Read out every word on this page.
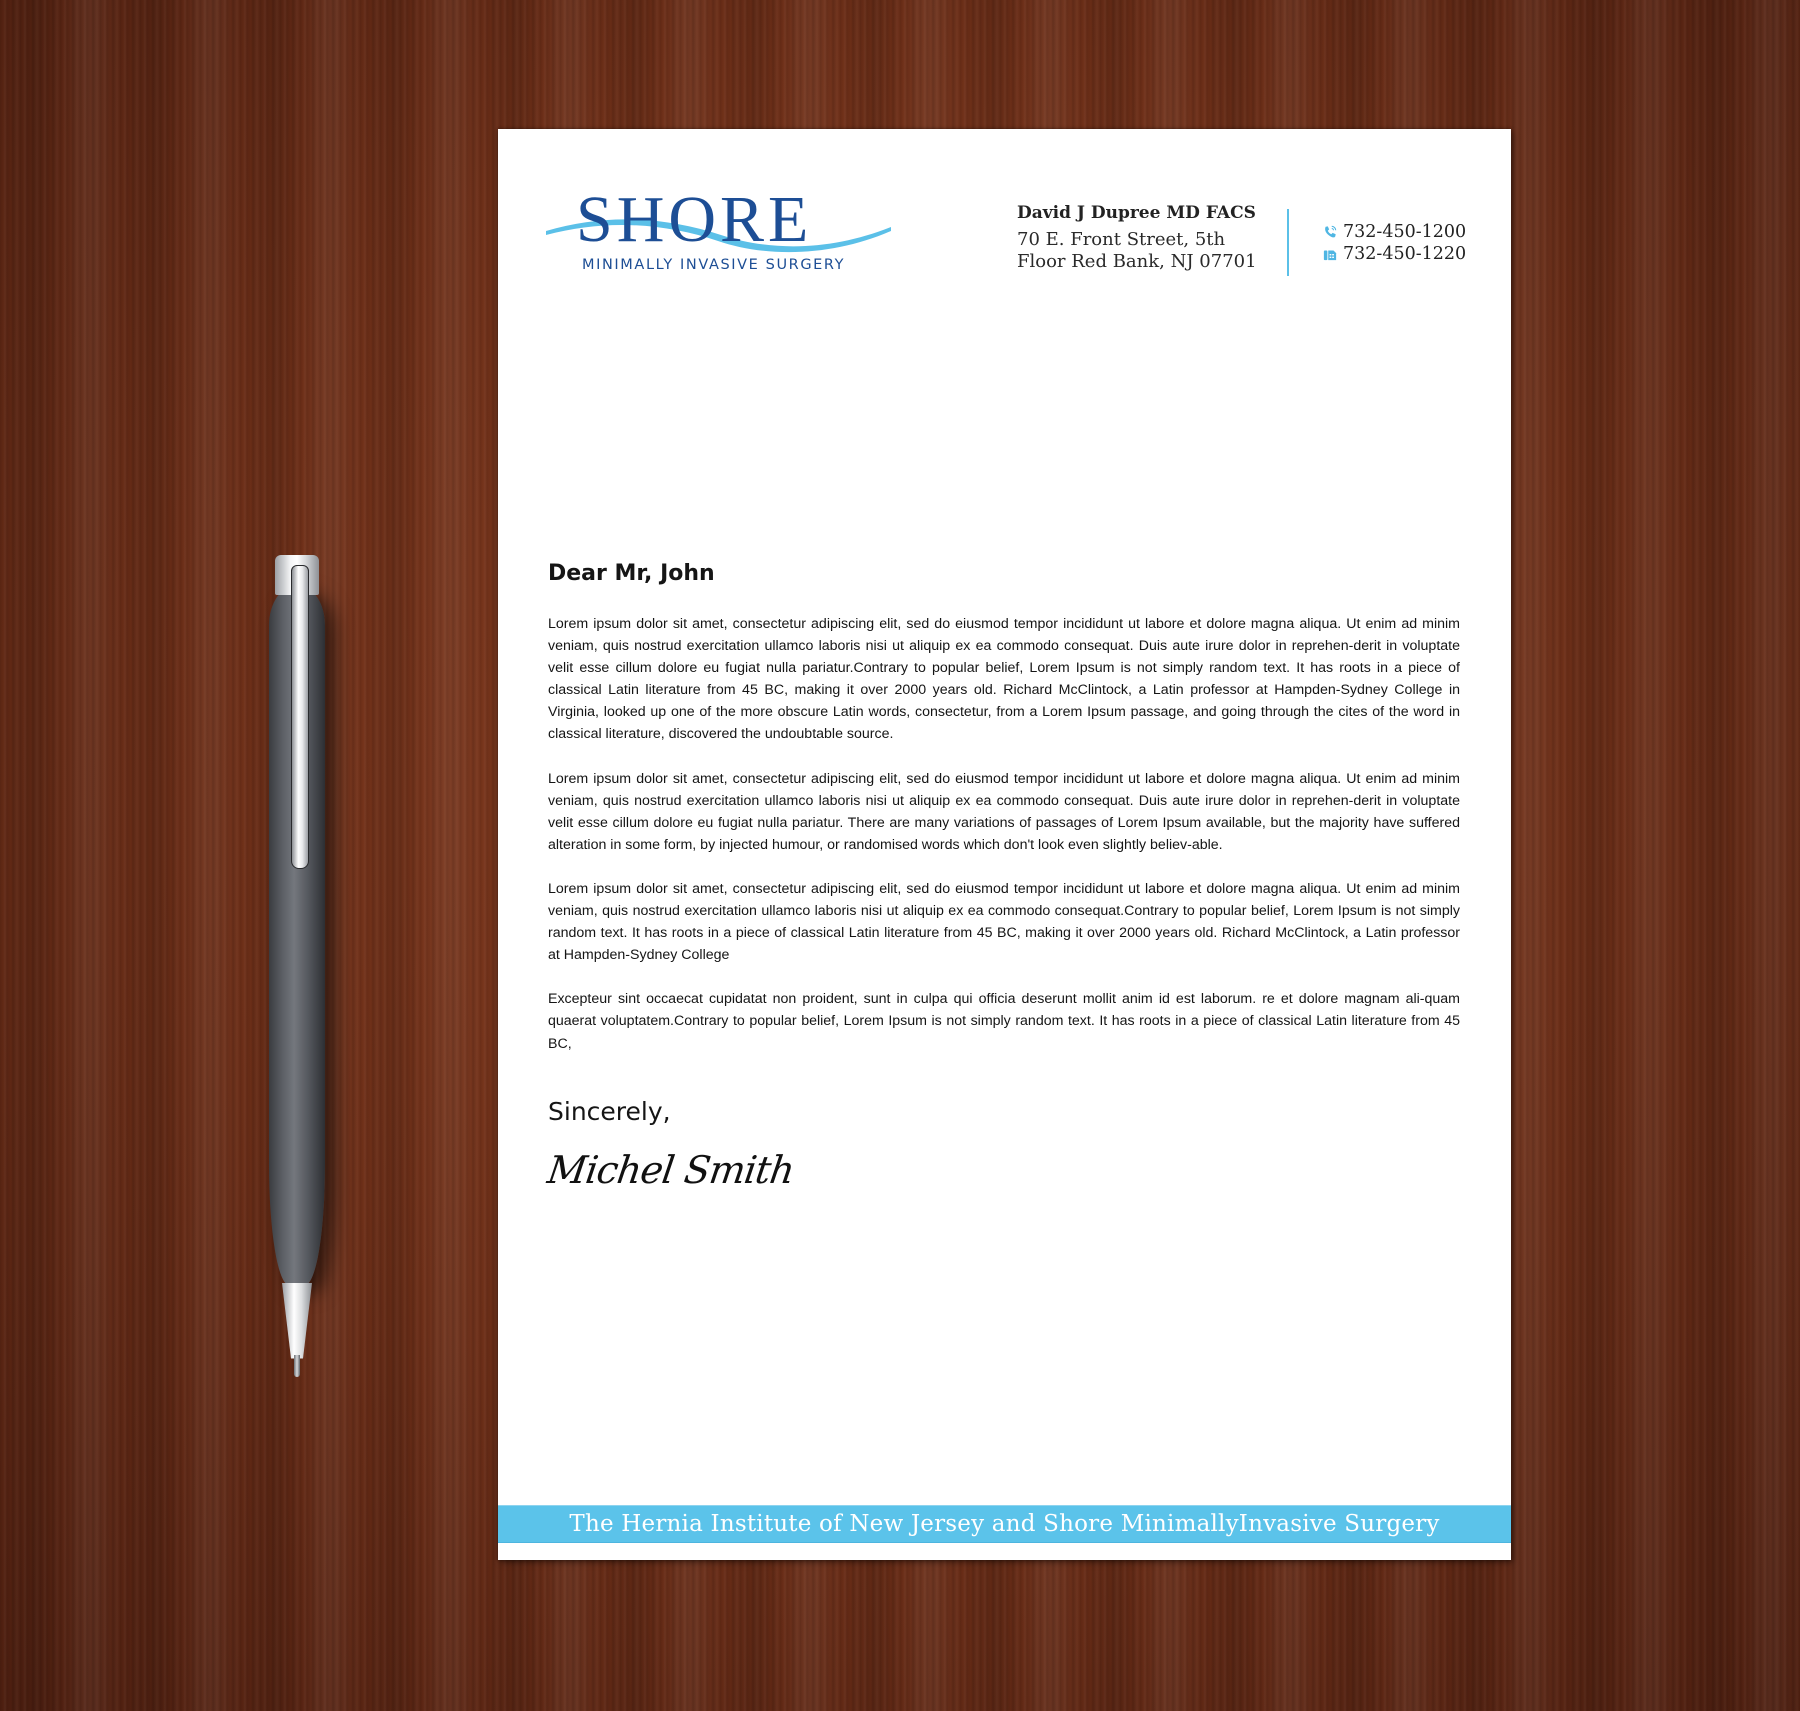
SHORE
MINIMALLY INVASIVE SURGERY
David J Dupree MD FACS
70 E. Front Street, 5th
Floor Red Bank, NJ 07701
732-450-1200
732-450-1220
Dear Mr, John

Lorem ipsum dolor sit amet, consectetur adipiscing elit, sed do eiusmod tempor incididunt ut labore et dolore magna aliqua. Ut enim ad minim veniam, quis nostrud exercitation ullamco laboris nisi ut aliquip ex ea commodo consequat. Duis aute irure dolor in reprehen-derit in voluptate velit esse cillum dolore eu fugiat nulla pariatur.Contrary to popular belief, Lorem Ipsum is not simply random text. It has roots in a piece of classical Latin literature from 45 BC, making it over 2000 years old. Richard McClintock, a Latin professor at Hampden-Sydney College in Virginia, looked up one of the more obscure Latin words, consectetur, from a Lorem Ipsum passage, and going through the cites of the word in classical literature, discovered the undoubtable source.

Lorem ipsum dolor sit amet, consectetur adipiscing elit, sed do eiusmod tempor incididunt ut labore et dolore magna aliqua. Ut enim ad minim veniam, quis nostrud exercitation ullamco laboris nisi ut aliquip ex ea commodo consequat. Duis aute irure dolor in reprehen-derit in voluptate velit esse cillum dolore eu fugiat nulla pariatur. There are many variations of passages of Lorem Ipsum available, but the majority have suffered alteration in some form, by injected humour, or randomised words which don't look even slightly believ-able.

Lorem ipsum dolor sit amet, consectetur adipiscing elit, sed do eiusmod tempor incididunt ut labore et dolore magna aliqua. Ut enim ad minim veniam, quis nostrud exercitation ullamco laboris nisi ut aliquip ex ea commodo consequat.Contrary to popular belief, Lorem Ipsum is not simply random text. It has roots in a piece of classical Latin literature from 45 BC, making it over 2000 years old. Richard McClintock, a Latin professor at Hampden-Sydney College

Excepteur sint occaecat cupidatat non proident, sunt in culpa qui officia deserunt mollit anim id est laborum. re et dolore magnam ali-quam quaerat voluptatem.Contrary to popular belief, Lorem Ipsum is not simply random text. It has roots in a piece of classical Latin literature from 45 BC,

Sincerely,
Michel Smith
The Hernia Institute of New Jersey and Shore MinimallyInvasive Surgery
